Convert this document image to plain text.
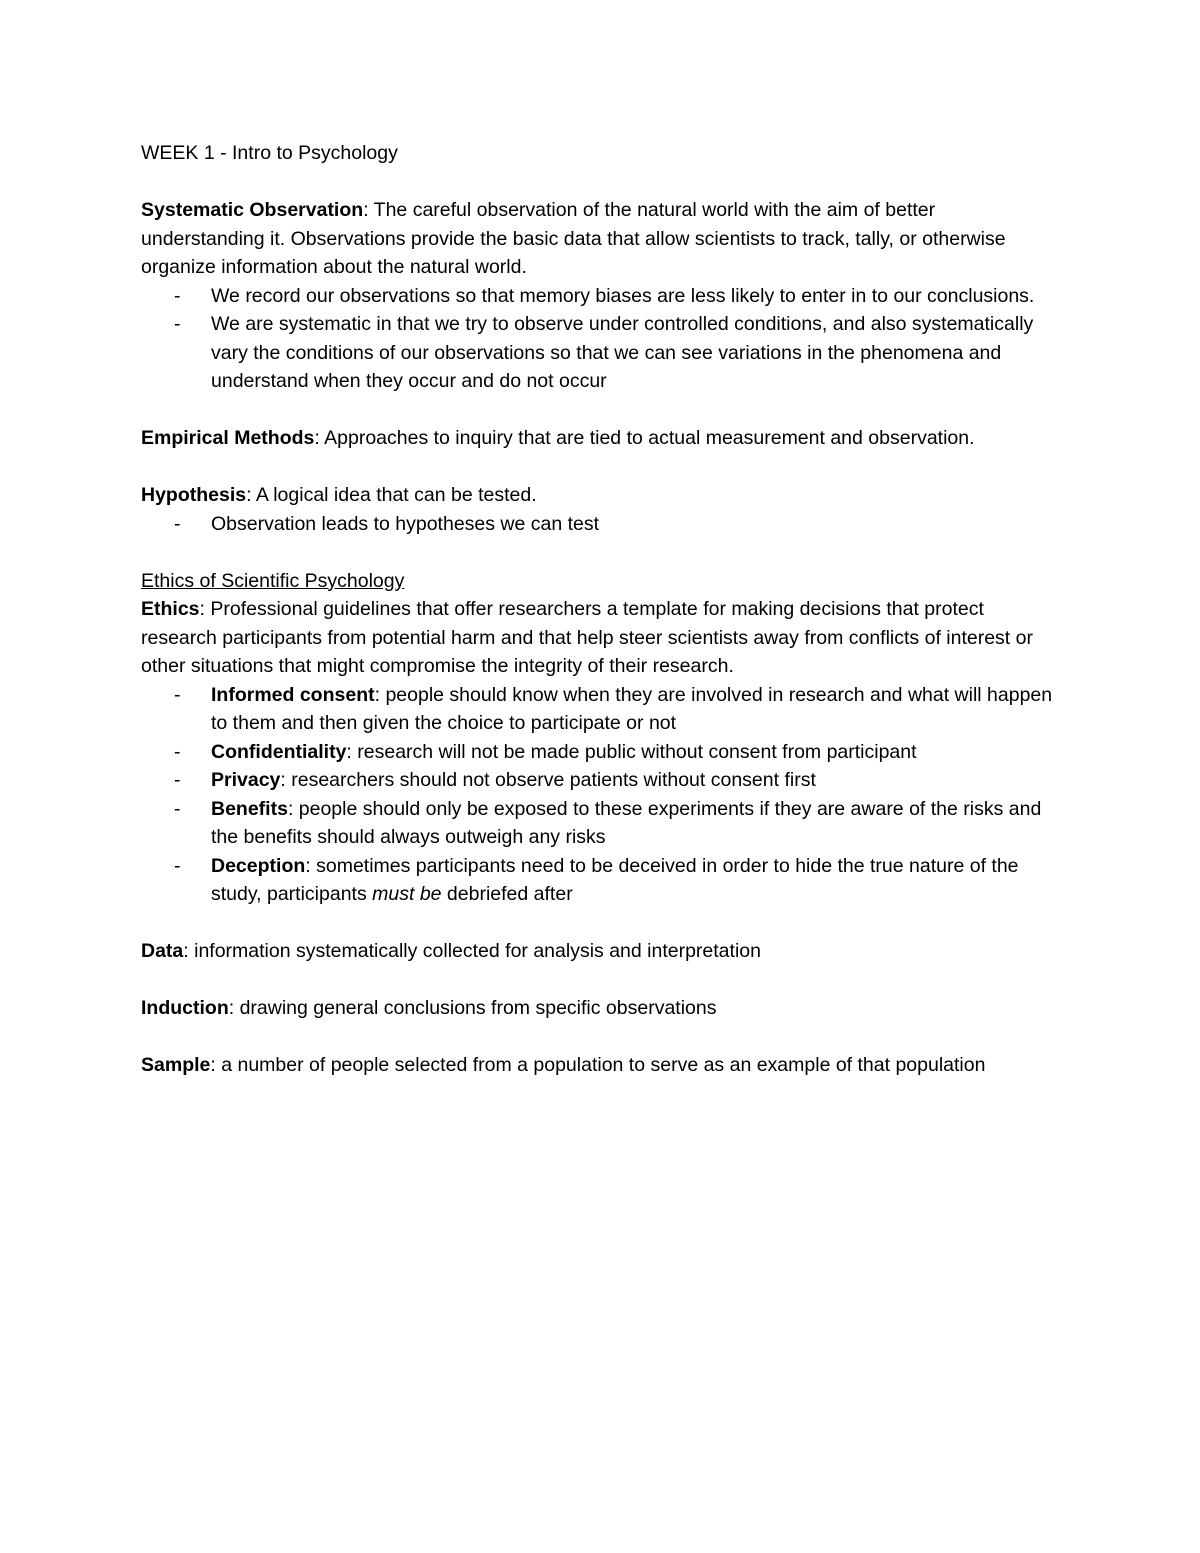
WEEK 1 - Intro to Psychology

Systematic Observation: The careful observation of the natural world with the aim of better understanding it. Observations provide the basic data that allow scientists to track, tally, or otherwise organize information about the natural world.

- We record our observations so that memory biases are less likely to enter in to our conclusions.
- We are systematic in that we try to observe under controlled conditions, and also systematically vary the conditions of our observations so that we can see variations in the phenomena and understand when they occur and do not occur

Empirical Methods: Approaches to inquiry that are tied to actual measurement and observation.

Hypothesis: A logical idea that can be tested.

- Observation leads to hypotheses we can test

Ethics of Scientific Psychology

Ethics: Professional guidelines that offer researchers a template for making decisions that protect research participants from potential harm and that help steer scientists away from conflicts of interest or other situations that might compromise the integrity of their research.

- Informed consent: people should know when they are involved in research and what will happen to them and then given the choice to participate or not
- Confidentiality: research will not be made public without consent from participant
- Privacy: researchers should not observe patients without consent first
- Benefits: people should only be exposed to these experiments if they are aware of the risks and the benefits should always outweigh any risks
- Deception: sometimes participants need to be deceived in order to hide the true nature of the study, participants must be debriefed after

Data: information systematically collected for analysis and interpretation

Induction: drawing general conclusions from specific observations

Sample: a number of people selected from a population to serve as an example of that population
